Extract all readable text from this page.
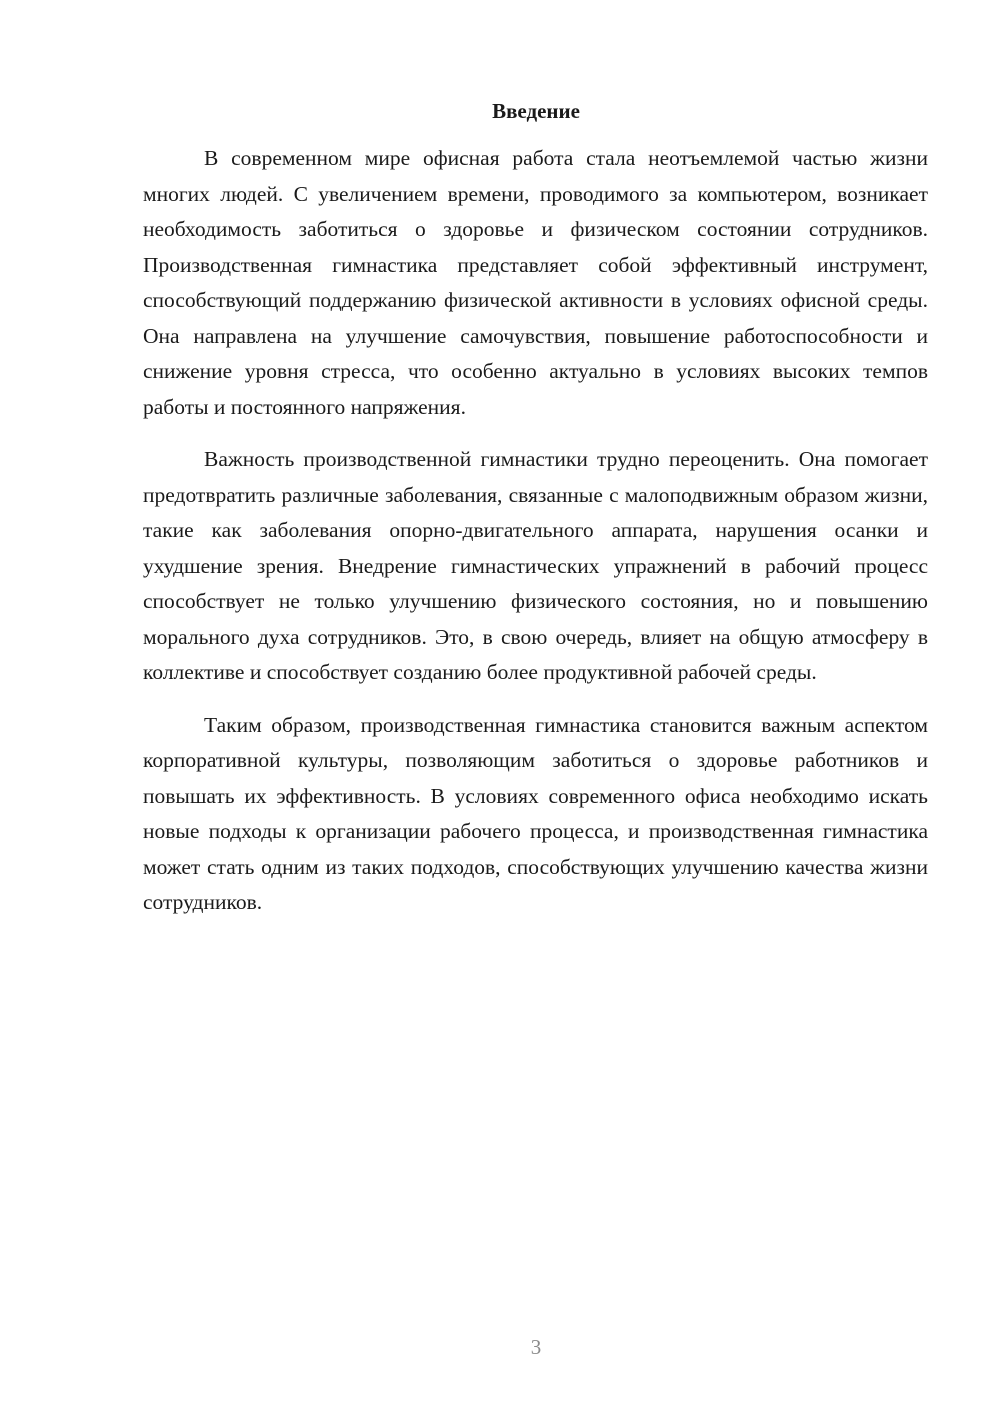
Введение

В современном мире офисная работа стала неотъемлемой частью жизни многих людей. С увеличением времени, проводимого за компьютером, возникает необходимость заботиться о здоровье и физическом состоянии сотрудников. Производственная гимнастика представляет собой эффективный инструмент, способствующий поддержанию физической активности в условиях офисной среды. Она направлена на улучшение самочувствия, повышение работоспособности и снижение уровня стресса, что особенно актуально в условиях высоких темпов работы и постоянного напряжения.

Важность производственной гимнастики трудно переоценить. Она помогает предотвратить различные заболевания, связанные с малоподвижным образом жизни, такие как заболевания опорно-двигательного аппарата, нарушения осанки и ухудшение зрения. Внедрение гимнастических упражнений в рабочий процесс способствует не только улучшению физического состояния, но и повышению морального духа сотрудников. Это, в свою очередь, влияет на общую атмосферу в коллективе и способствует созданию более продуктивной рабочей среды.

Таким образом, производственная гимнастика становится важным аспектом корпоративной культуры, позволяющим заботиться о здоровье работников и повышать их эффективность. В условиях современного офиса необходимо искать новые подходы к организации рабочего процесса, и производственная гимнастика может стать одним из таких подходов, способствующих улучшению качества жизни сотрудников.

3
